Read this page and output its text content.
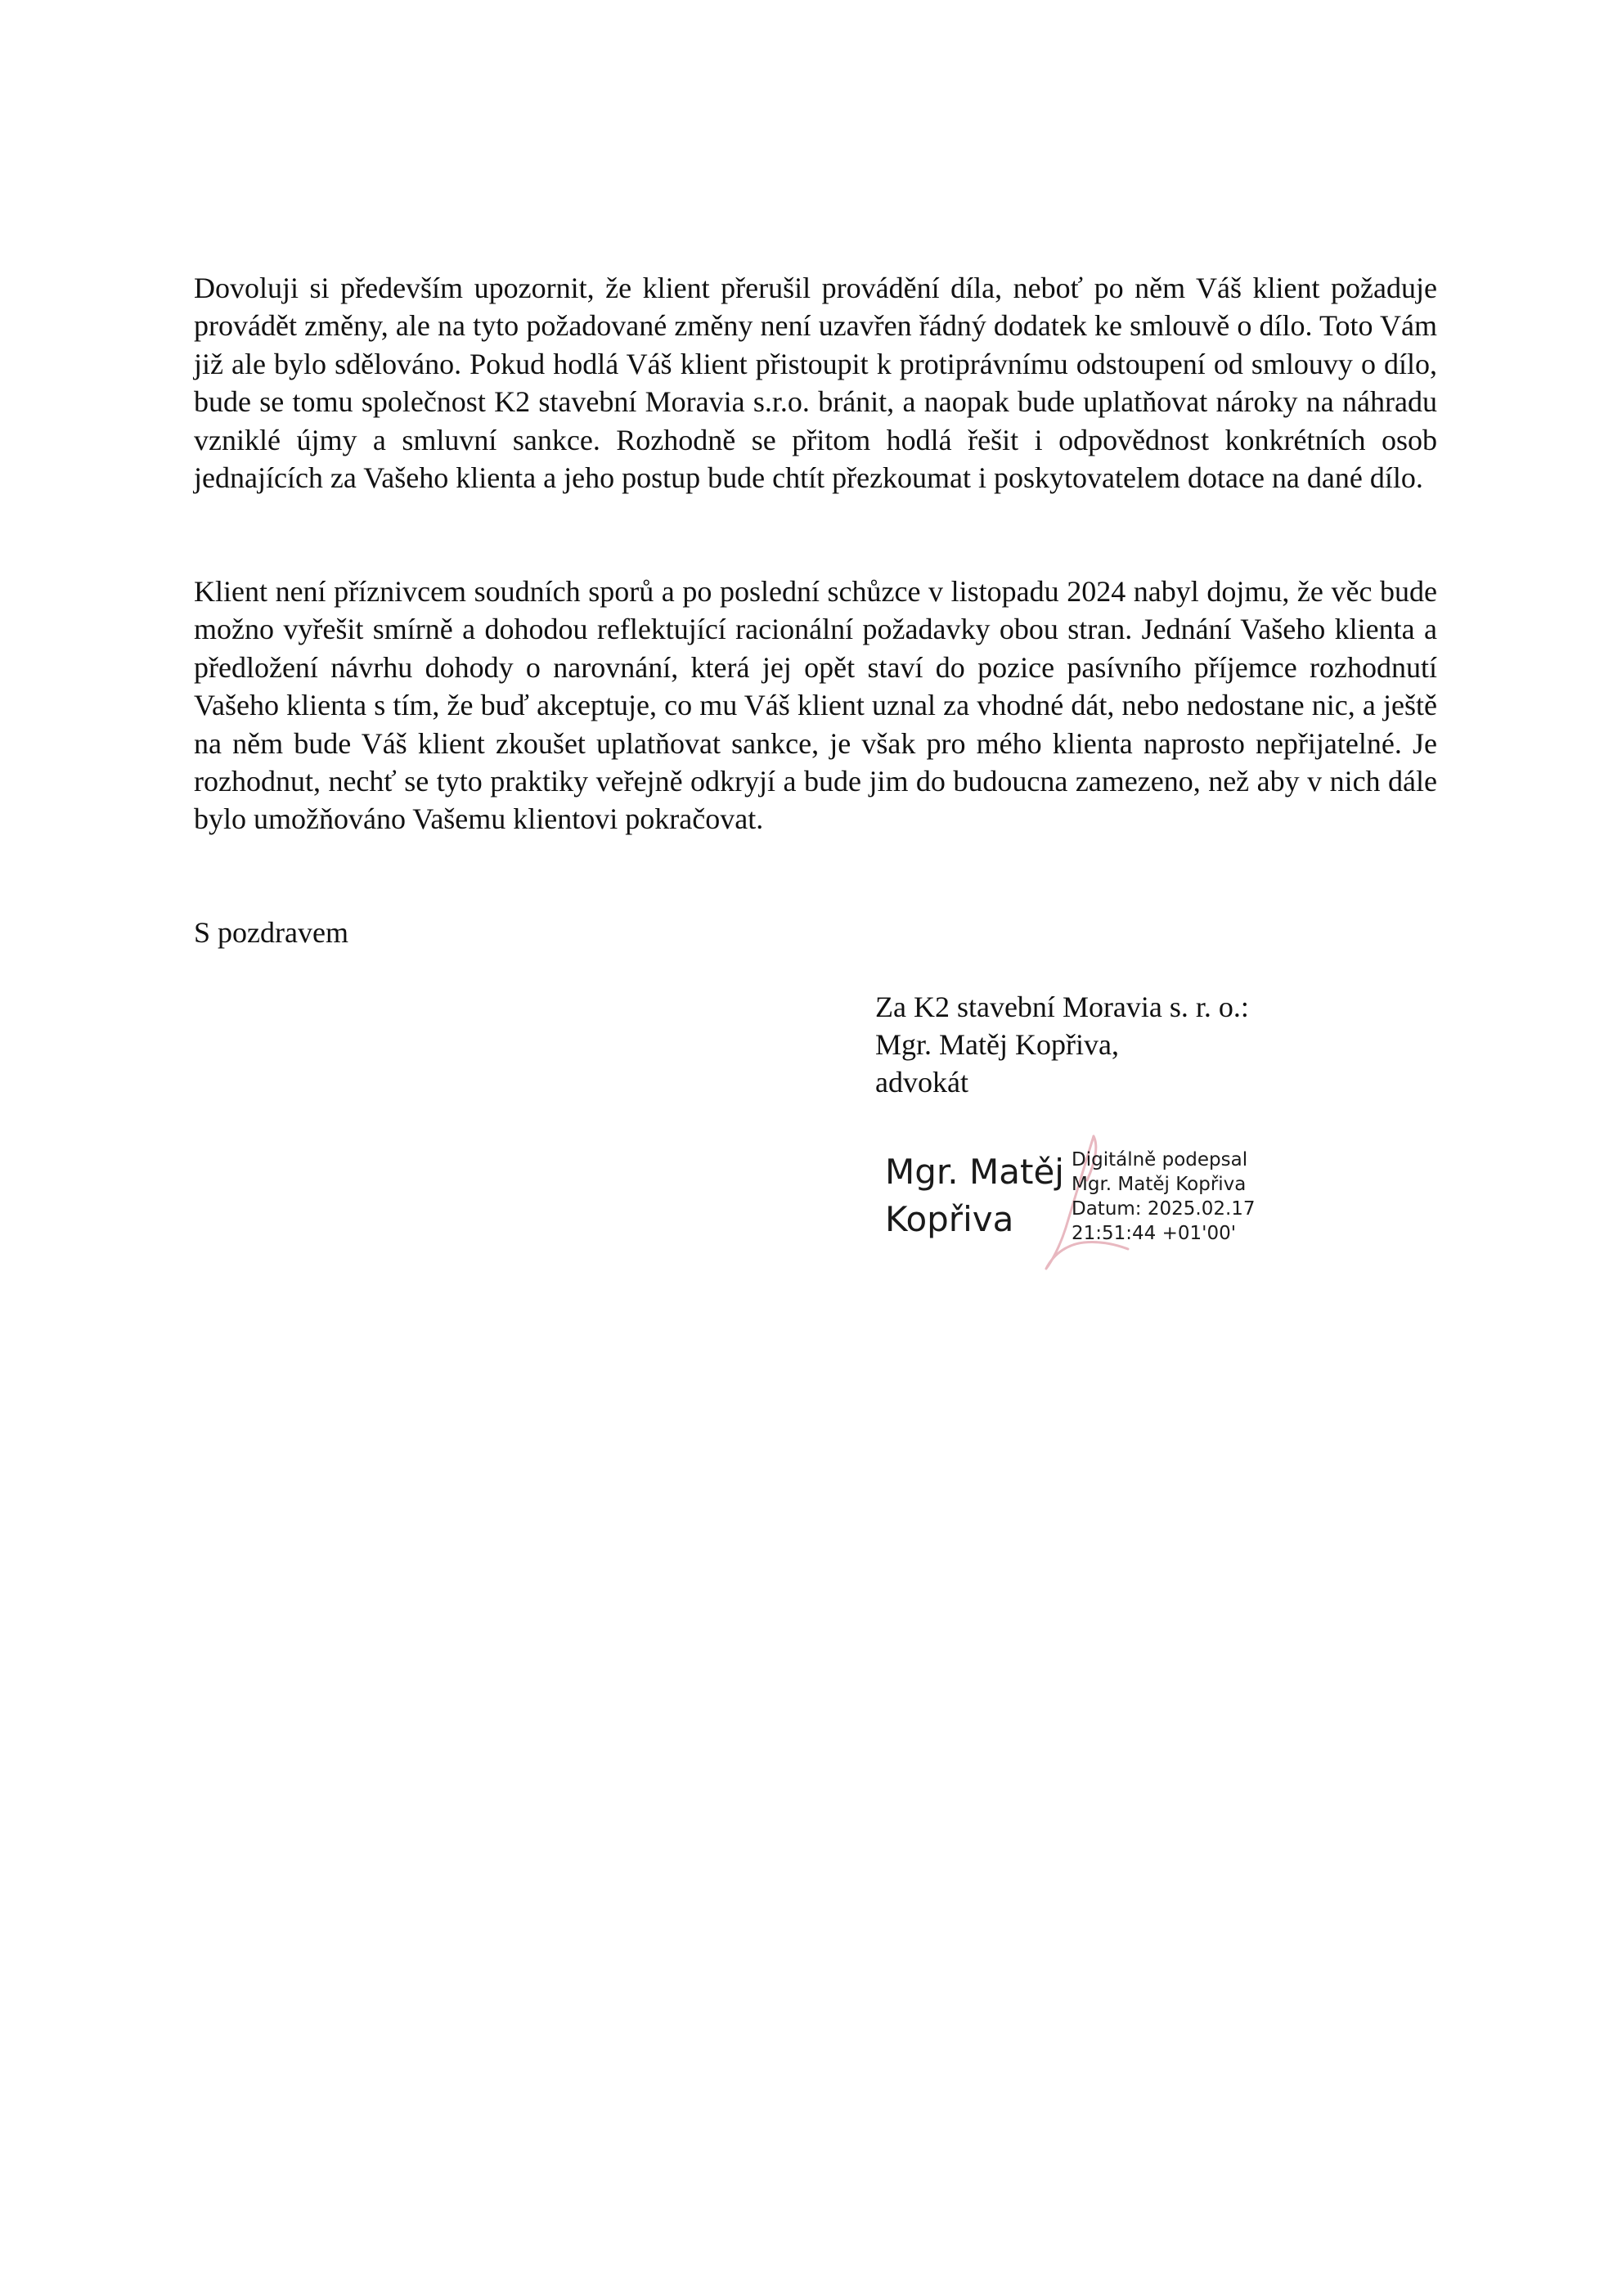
Dovoluji si především upozornit, že klient přerušil provádění díla, neboť po něm Váš klient požaduje provádět změny, ale na tyto požadované změny není uzavřen řádný dodatek ke smlouvě o dílo. Toto Vám již ale bylo sdělováno. Pokud hodlá Váš klient přistoupit k protiprávnímu odstoupení od smlouvy o dílo, bude se tomu společnost K2 stavební Moravia s.r.o. bránit, a naopak bude uplatňovat nároky na náhradu vzniklé újmy a smluvní sankce. Rozhodně se přitom hodlá řešit i odpovědnost konkrétních osob jednajících za Vašeho klienta a jeho postup bude chtít přezkoumat i poskytovatelem dotace na dané dílo.

Klient není příznivcem soudních sporů a po poslední schůzce v listopadu 2024 nabyl dojmu, že věc bude možno vyřešit smírně a dohodou reflektující racionální požadavky obou stran. Jednání Vašeho klienta a předložení návrhu dohody o narovnání, která jej opět staví do pozice pasívního příjemce rozhodnutí Vašeho klienta s tím, že buď akceptuje, co mu Váš klient uznal za vhodné dát, nebo nedostane nic, a ještě na něm bude Váš klient zkoušet uplatňovat sankce, je však pro mého klienta naprosto nepřijatelné. Je rozhodnut, nechť se tyto praktiky veřejně odkryjí a bude jim do budoucna zamezeno, než aby v nich dále bylo umožňováno Vašemu klientovi pokračovat.

S pozdravem
Za K2 stavební Moravia s. r. o.:
Mgr. Matěj Kopřiva,
advokát
Mgr. Matěj
Kopřiva
Digitálně podepsal
Mgr. Matěj Kopřiva
Datum: 2025.02.17
21:51:44 +01'00'
